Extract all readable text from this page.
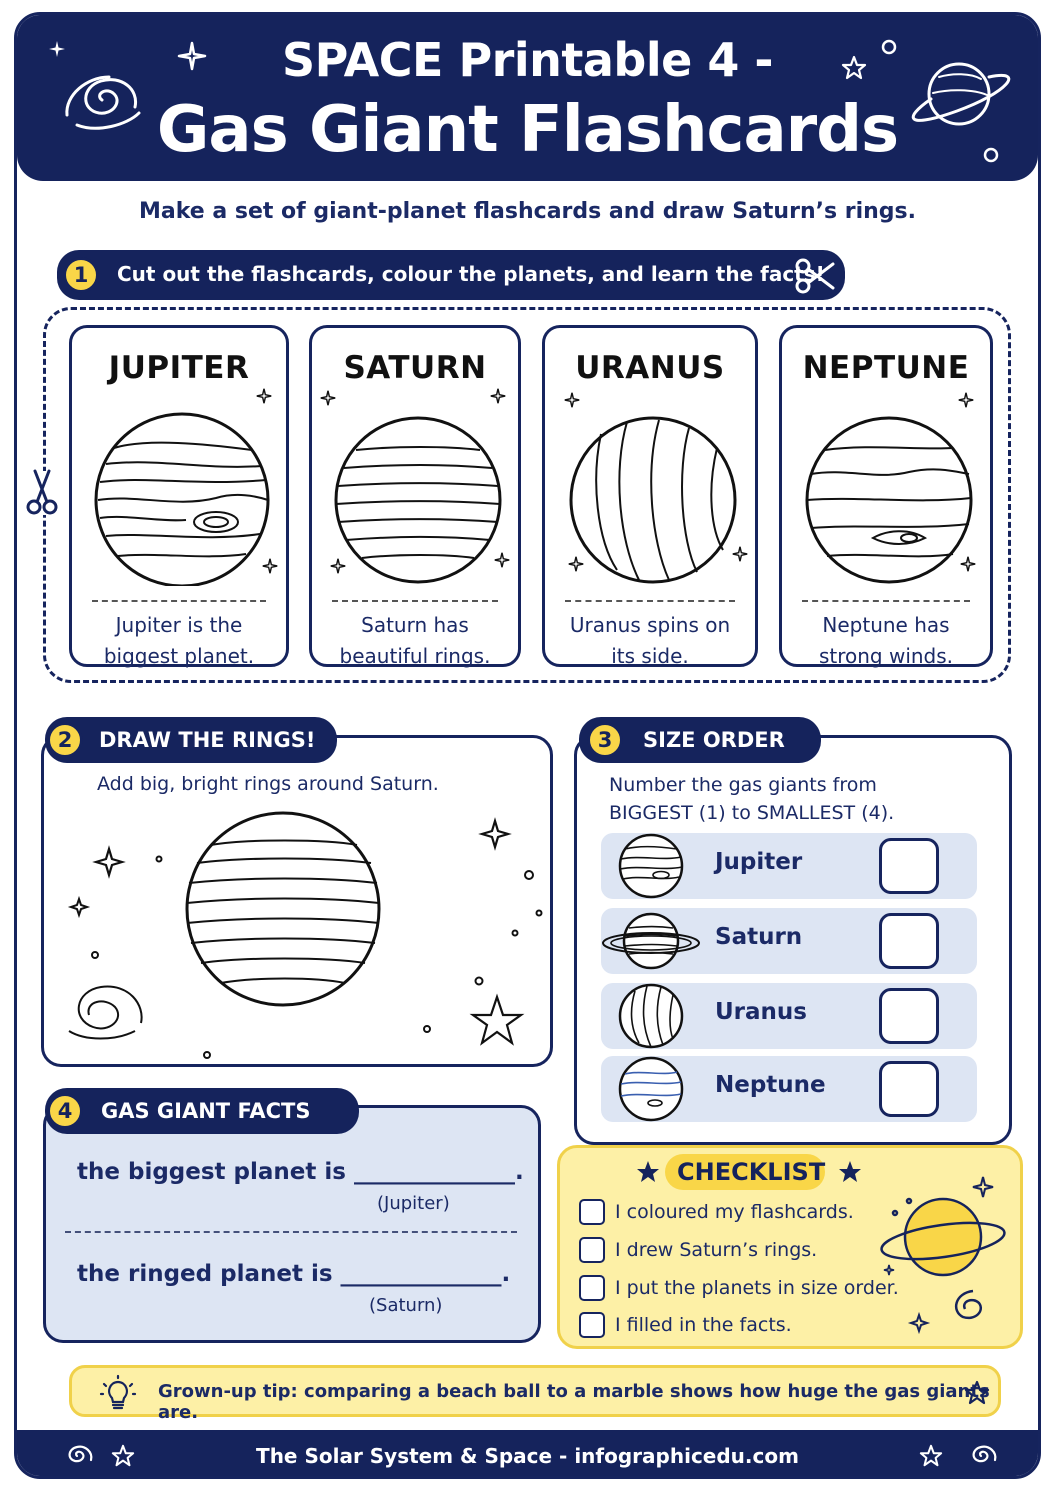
SPACE Printable 4 -
Gas Giant Flashcards
Make a set of giant-planet flashcards and draw Saturn’s rings.
Cut out the flashcards, colour the planets, and learn the facts!
1
JUPITER
Jupiter is the
biggest planet.
SATURN
Saturn has
beautiful rings.
URANUS
Uranus spins on
its side.
NEPTUNE
Neptune has
strong winds.
DRAW THE RINGS!
2
Add big, bright rings around Saturn.
SIZE ORDER
3
Number the gas giants from
BIGGEST (1) to SMALLEST (4).
Jupiter
Saturn
Uranus
Neptune
GAS GIANT FACTS
4
the biggest planet is ______________.
(Jupiter)
the ringed planet is ______________.
(Saturn)
CHECKLIST
I coloured my flashcards.
I drew Saturn’s rings.
I put the planets in size order.
I filled in the facts.
Grown-up tip: comparing a beach ball to a marble shows how huge the gas giants are.
The Solar System & Space - infographicedu.com
